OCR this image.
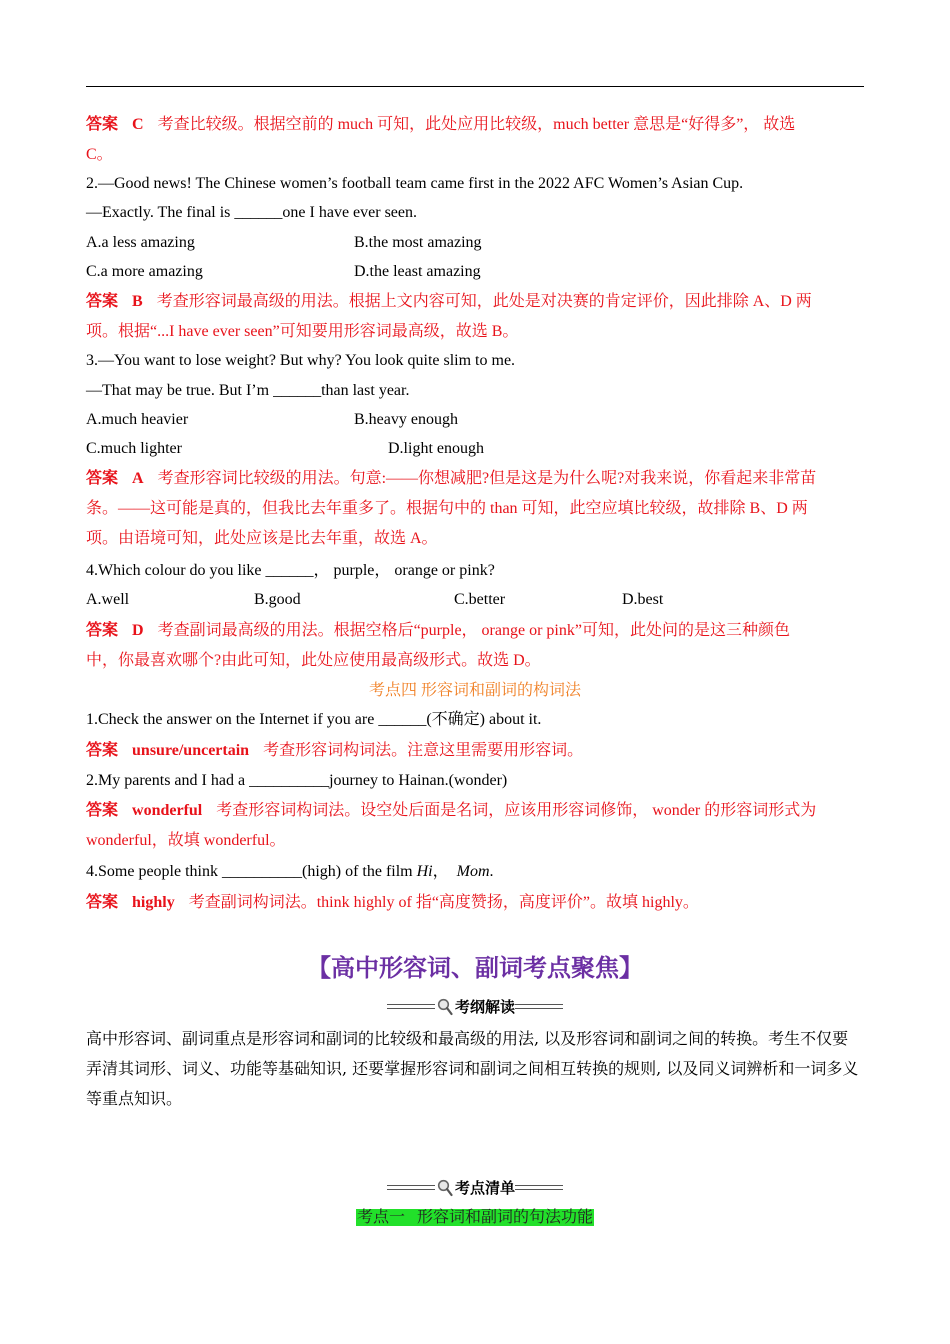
答案 C 考查比较级。根据空前的 much 可知，此处应用比较级，much better 意思是“好得多”， 故选
C。
2.—Good news! The Chinese women’s football team came first in the 2022 AFC Women’s Asian Cup.
—Exactly. The final is ______one I have ever seen.
A.a less amazing	B.the most amazing
C.a more amazing	D.the least amazing
答案 B 考查形容词最高级的用法。根据上文内容可知，此处是对决赛的肯定评价，因此排除 A、D 两
项。根据“...I have ever seen”可知要用形容词最高级，故选 B。
3.—You want to lose weight? But why? You look quite slim to me.
—That may be true. But I’m ______than last year.
A.much heavier	B.heavy enough
C.much lighter	D.light enough
答案 A 考查形容词比较级的用法。句意:——你想减肥?但是这是为什么呢?对我来说，你看起来非常苗
条。——这可能是真的，但我比去年重多了。根据句中的 than 可知，此空应填比较级，故排除 B、D 两
项。由语境可知，此处应该是比去年重，故选 A。
4.Which colour do you like ______， purple， orange or pink?
A.well	B.good	C.better	D.best
答案 D 考查副词最高级的用法。根据空格后“purple， orange or pink”可知，此处问的是这三种颜色
中，你最喜欢哪个?由此可知，此处应使用最高级形式。故选 D。
考点四 形容词和副词的构词法
1.Check the answer on the Internet if you are ______(不确定) about it.
答案 unsure/uncertain 考查形容词构词法。注意这里需要用形容词。
2.My parents and I had a __________journey to Hainan.(wonder)
答案 wonderful 考查形容词构词法。设空处后面是名词，应该用形容词修饰， wonder 的形容词形式为
wonderful，故填 wonderful。
4.Some people think __________(high) of the film Hi，  Mom.
答案 highly 考查副词构词法。think highly of 指“高度赞扬，高度评价”。故填 highly。
【高中形容词、副词考点聚焦】
考纲解读
高中形容词、副词重点是形容词和副词的比较级和最高级的用法, 以及形容词和副词之间的转换。考生不仅要弄清其词形、词义、功能等基础知识, 还要掌握形容词和副词之间相互转换的规则, 以及同义词辨析和一词多义等重点知识。
考点清单
考点一   形容词和副词的句法功能
